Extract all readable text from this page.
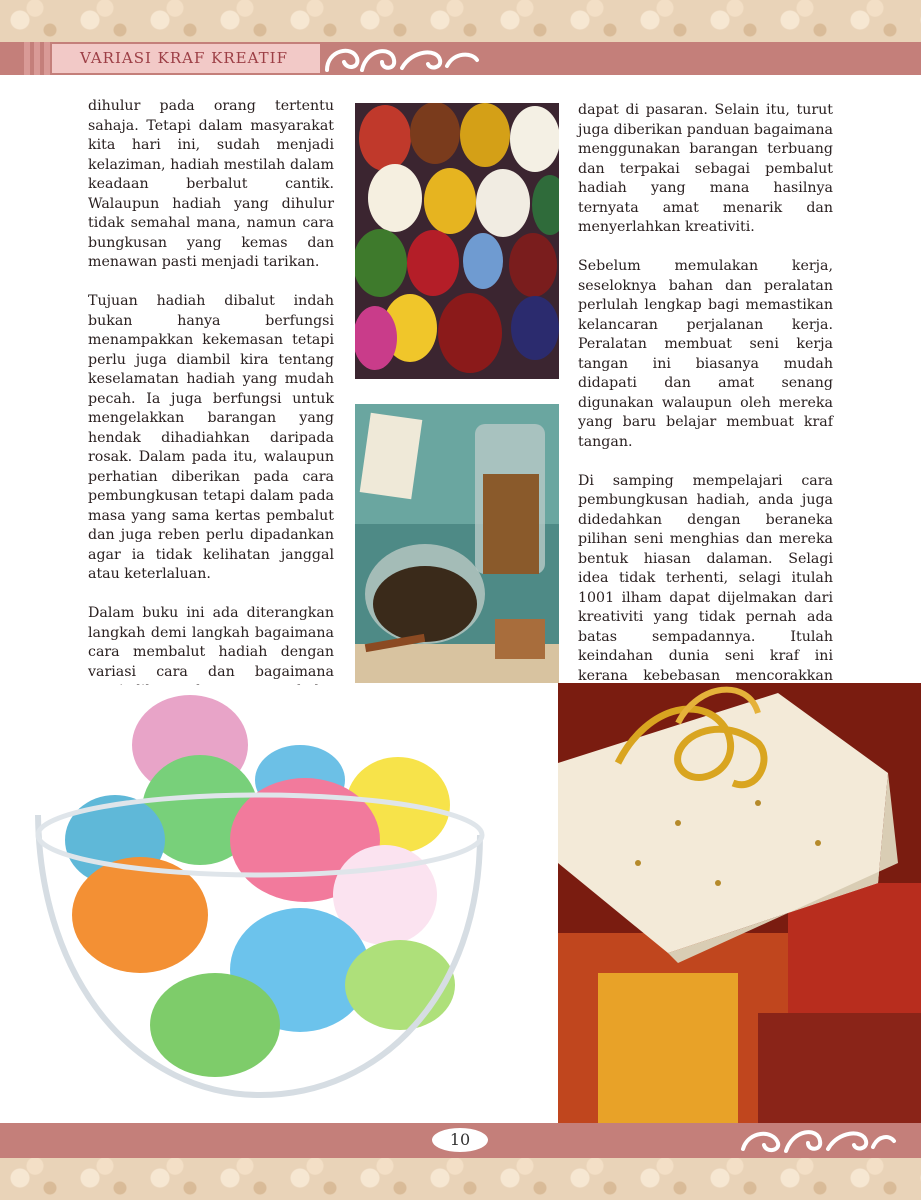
VARIASI KRAF KREATIF

dihulur pada orang tertentu sahaja. Tetapi dalam masyarakat kita hari ini, sudah menjadi kelaziman, hadiah mestilah dalam keadaan berbalut cantik. Walaupun hadiah yang dihulur tidak semahal mana, namun cara bungkusan yang kemas dan menawan pasti menjadi tarikan.

Tujuan hadiah dibalut indah bukan hanya berfungsi menampakkan kekemasan tetapi perlu juga diambil kira tentang keselamatan hadiah yang mudah pecah. Ia juga berfungsi untuk mengelakkan barangan yang hendak dihadiahkan daripada rosak. Dalam pada itu, walaupun perhatian diberikan pada cara pembungkusan tetapi dalam pada masa yang sama kertas pembalut dan juga reben perlu dipadankan agar ia tidak kelihatan janggal atau keterlaluan.

Dalam buku ini ada diterangkan langkah demi langkah bagaimana cara membalut hadiah dengan variasi cara dan bagaimana

dapat di pasaran. Selain itu, turut juga diberikan panduan bagaimana menggunakan barangan terbuang dan terpakai sebagai pembalut hadiah yang mana hasilnya ternyata amat menarik dan menyerlahkan kreativiti.

Sebelum memulakan kerja, seseloknya bahan dan peralatan perlulah lengkap bagi memastikan kelancaran perjalanan kerja. Peralatan membuat seni kerja tangan ini biasanya mudah didapati dan amat senang digunakan walaupun oleh mereka yang baru belajar membuat kraf tangan.

Di samping mempelajari cara pembungkusan hadiah, anda juga didedahkan dengan beraneka pilihan seni menghias dan mereka bentuk hiasan dalaman. Selagi idea tidak terhenti, selagi itulah 1001 ilham dapat dijelmakan dari kreativiti yang tidak pernah ada batas sempadannya. Itulah keindahan dunia seni kraf ini kerana kebebasan mencorakkan

10
